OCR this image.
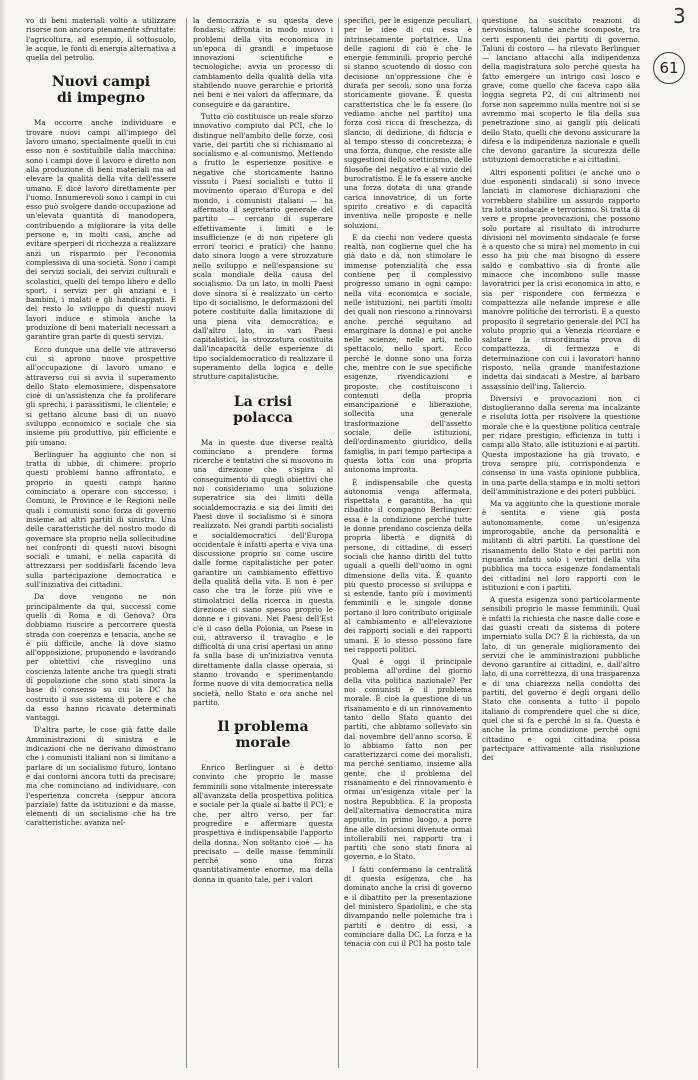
3
61

vo di beni materiali volto a utilizzare risorse non ancora pienamente sfruttate: l'agricoltura, ad esempio, il sottosuolo, le acque, le fonti di energia alternativa a quella del petrolio.

Nuovi campi
di impegno

Ma occorre anche individuare e trovare nuovi campi all'impiego del lavoro umano, specialmente quelli in cui esso non è sostituibile dalla macchina: sono i campi dove il lavoro è diretto non alla produzione di beni materiali ma ad elevare la qualità della vita dell'essere umano. E dicé lavoro direttamente per l'uomo. Innumerevoli sono i campi in cui esso può svolgere dando occupazione ad un'elevata quantità di manodopera, contribuendo a migliorare la vita delle persone e, in molti casi, anche ad evitare sperperi di ricchezza a realizzare anzi un risparmio per l'economia complessiva di una società. Sono i campi dei servizi sociali, dei servizi culturali e scolastici, quelli del tempo libero e dello sport, i servizi per gli anziani e i bambini, i malati e gli handicappati. E del resto lo sviluppo di questi nuovi lavori induce e stimola anche la produzione di beni materiali necessari a garantire gran parte di questi servizi.

Ecco dunque una delle vie attraverso cui si aprono nuove prospettive all'occupazione di lavoro umano e attraverso cui si avvia il superamento dello Stato elemosiniere, dispensatore cioè di un'assistenza che fa proliferare gli sprechi, i parassitismi, le clientele; e si gettano alcune basi di un nuovo sviluppo economico e sociale che sia insieme più produttivo, più efficiente e più umano.

Berlinguer ha aggiunto che non si tratta di ubbie, di chimere: proprio questi problemi hanno affrontato, e proprio in questi campi hanno cominciato a operare con successo, i Comuni, le Province e le Regioni nelle quali i comunisti sono forza di governo insieme ad altri partiti di sinistra. Una delle caratteristiche del nostro modo di governare sta proprio nella sollecitudine nei confronti di questi nuovi bisogni sociali e umani, e nella capacità di attrezzarsi per soddisfarli facendo leva sulla partecipazione democratica e sull'iniziativa dei cittadini.

Da dove vengono ne non principalmente da qui, successi come quelli di Roma e di Genova? Ora dobbiamo riuscire a percorrere questa strada con coerenza e tenacia, anche se è più difficile, anche là dove siamo all'opposizione, proponendo e lavorando per obiettivi che risveglino una coscienza latente anche tra quegli strati di popolazione che sono stati sinora la base di consenso su cui la DC ha costruito il suo sistema di potere e che da esso hanno ricavato determinati vantaggi.

D'altra parte, le cose già fatte dalle Amministrazioni di sinistra e le indicazioni che ne derivano dimostrano che i comunisti italiani non si limitano a parlare di un socialismo futuro, lontano e dai contorni ancora tutti da precisare; ma che cominciano ad individuare, con l'esperienza concreta (seppur ancora parziale) fatte da istituzioni e da masse, elementi di un socialismo che ha tre caratteristiche: avanza nel-

la democrazia e su questa deve fondarsi; affronta in modo nuovo i problemi della vita economica in un'epoca di grandi e impetuose innovazioni scientifiche e tecnologiche; avvia un processo di cambiamento della qualità della vita stabilendo nuove gerarchie e priorità nei beni e nei valori da affermare, da conseguire e da garantire.

Tutto ciò costituisce un reale sforzo innovativo compiuto dal PCI, che lo distingue nell'ambito delle forze, così varie, dei partiti che si richiamano al socialismo e al comunismo. Mettendo a frutto le esperienze positive e negative che storicamente hanno vissuto i Paesi socialisti e tutto il movimento operaio d'Europa e del mondo, i comunisti italiani — ha affermato il segretario generale del partito — cercano di superare effettivamente i limiti e le insufficienze (e di non ripetere gli errori teorici e pratici) che hanno dato sinora luogo a vere strozzature nello sviluppo e nell'espansione su scala mondiale della causa del socialismo. Da un lato, in molti Paesi dove sinora si è realizzato un certo tipo di socialismo, le deformazioni del potere costituite dalla limitazione di una piena vita democratica; e dall'altro lato, in vari Paesi capitalistici, la strozzatura costituita dall'incapacità delle esperienze di tipo socialdemocratico di realizzare il superamento della logica e delle strutture capitalistiche.

La crisi
polacca

Ma in queste due diverse realtà cominciano a prendere forma ricerche e tentativi che si muovono in una direzione che s'ispira al conseguimento di quegli obiettivi che noi consideriamo una soluzione superatrice sia dei limiti della socialdemocrazia e sia dei limiti dei Paesi dove il socialismo si è sinora realizzato. Nei grandi partiti socialisti e socialdemocratici dell'Europa occidentale è infatti aperta e viva una discussione proprio su come uscire dalle forme capitalistiche per poter garantire un cambiamento effettivo della qualità della vita. E non è per caso che tra le forze più vive e stimolatrici della ricerca in questa direzione ci siano spesso proprio le donne e i giovani. Nei Paesi dell'Est c'è il caso della Polonia, un Paese in cui, attraverso il travaglio e le difficoltà di una crisi apertasi un anno fa sulla base di un'iniziativa venuta direttamente dalla classe operaia, si stanno trovando e sperimentando forme nuove di vita democratica nella società, nello Stato e ora anche nel partito.

Il problema
morale

Enrico Berlinguer si è detto convinto che proprio le masse femminili sono vitalmente interessate all'avanzata della prospettiva politica e sociale per la quale si batte il PCI; e che, per altro verso, per far progredire e affermare questa prospettiva è indispensabile l'apporto della donna. Non soltanto cioè — ha precisato — delle masse femminili perché sono una forza quantitativamente enorme, ma della donna in quanto tale, per i valori

specifici, per le esigenze peculiari, per le idee di cui essa è intrinsecamente portatrice. Una delle ragioni di ciò è che le energie femminili, proprio perché si stanno scuotendo di dosso con decisione un'oppressione che è durata per secoli, sono una forza storicamente giovane. È questa caratteristica che le fa essere (lo vediamo anche nel partito) una forza così ricca di freschezza, di slancio, di dedizione, di fiducia e al tempo stesso di concretezza; è una forza, dunque, che resiste alle suggestioni dello scetticismo, delle filosofie del negativo e al vizio del burocratismo. E le fa essere anche una forza dotata di una grande carica innovatrice, di un forte spirito creativo e di capacità inventiva nelle proposte e nelle soluzioni.

E da ciechi non vedere questa realtà, non coglierne quel che ha già dato e dà, non stimolare le immense potenzialità che essa contiene per il complessivo progresso umano in ogni campo: nella vita economica e sociale, nelle istituzioni, nei partiti (molti dei quali non riescono a rinnovarsi anche perché seguitano ad emarginare la donna) e poi anche nelle scienze, nelle arti, nello spettacolo, nello sport. Ecco perché le donne sono una forza che, mentre con le sue specifiche esigenze, rivendicazioni e proposte, che costituiscono i contenuti della propria emancipazione e liberazione, sollecita una generale trasformazione dell'assetto sociale, delle istituzioni, dell'ordinamento giuridico, della famiglia, in pari tempo partecipa a questa lotta con una propria autonoma impronta.

È indispensabile che questa autonomia venga affermata, rispettata e garantita, ha qui ribadito il compagno Berlinguer: essa è la condizione perché tutte le donne prendano coscienza della propria libertà e dignità di persone, di cittadine, di esseri sociali che hanno diritti del tutto uguali a quelli dell'uomo in ogni dimensione della vita. È quanto più questo processo si sviluppa e si estende, tanto più i movimenti femminili e le singole donne portano il loro contributo originale al cambiamento e all'elevazione dei rapporti sociali e dei rapporti umani. E lo stesso possono fare nei rapporti politici.

Qual è oggi il principale problema all'ordine del giorno della vita politica nazionale? Per noi comunisti è il problema morale. È cioè la questione di un risanamento e di un rinnovamento tanto dello Stato quanto dei partiti, che abbiamo sollevato sin dal novembre dell'anno scorso. E lo abbiamo fatto non per caratterizzarci come dei moralisti, ma perché sentiamo, insieme alla gente, che il problema del risanamento e del rinnovamento è ormai un'esigenza vitale per la nostra Repubblica. E la proposta dell'alternativa democratica mira appunto, in primo luogo, a porre fine alle distorsioni divenute ormai intollerabili nei rapporti tra i partiti che sono stati finora al governo, e lo Stato.

I fatti confermano la centralità di questa esigenza, che ha dominato anche la crisi di governo e il dibattito per la presentazione del ministero Spadolini, e che sta divampando nelle polemiche tra i partiti e dentro di essi, a cominciare dalla DC. La forza e la tenacia con cui il PCI ha posto tale

questione ha suscitato reazioni di nervosismo, talune anche scomposte, tra certi esponenti dei partiti di governo. Taluni di costoro — ha rilevato Berlinguer — lanciano attacchi alla indipendenza della magistratura solo perché questa ha fatto emergere un intrigo così losco e grave, come quello che faceva capo alla loggia segreta P2, di cui altrimenti noi forse non sapremmo nulla mentre noi si se avremmo mai scoperto le fila della sua penetrazione sino ai gangli più delicati dello Stato, quelli che devono assicurare la difesa e la indipendenza nazionale e quelli che devono garantire la sicurezza delle istituzioni democratiche e ai cittadini.

Altri esponenti politici (e anche uno o due esponenti sindacali) si sono invece lanciati in clamorose dichiarazioni che vorrebbero stabilire un assurdo rapporto tra lotta sindacale e terrorismo. Si tratta di vere e proprie provocazioni, che possono solo portare al risultato di introdurre divisioni nel movimento sindacale (e forse è a questo che si mira) nel momento in cui esso ha più che mai bisogno di essere saldo e combattivo sia di fronte alle minacce che incombono sulle masse lavoratrici per la crisi economica in atto, e sia per rispondere con fermezza e compattezza alle nefande imprese e alle manovre politiche dei terroristi. E a questo proposito il segretario generale del PCI ha voluto proprio qui a Venezia ricordare e salutare la straordinaria prova di compattezza, di fermezza e di determinazione con cui i lavoratori hanno risposto, nella grande manifestazione indetta dai sindacati a Mestre, al barbaro assassinio dell'ing. Taliercio.

Diversivi e provocazioni non ci distoglieranno dalla serena ma incalzante e risoluta lotta per risolvere la questione morale che è la questione politica centrale per ridare prestigio, efficienza in tutti i campi allo Stato, alle istituzioni e ai partiti. Questa impostazione ha già trovato, e trova sempre più, corrispondenza e consenso in una vasta opinione pubblica, in una parte della stampa e in molti settori dell'amministrazione e dei poteri pubblici.

Ma va aggiunto che la questione morale è sentita e viene già posta autonomamente, come un'esigenza improrogabile, anche da personalità e militanti di altri partiti. La questione del risanamento dello Stato e dei partiti non riguarda infatti solo i vertici della vita pubblica ma tocca esigenze fondamentali dei cittadini nel loro rapporti con le istituzioni e con i partiti.

A questa esigenza sono particolarmente sensibili proprio le masse femminili. Qual è infatti la richiesta che nasce dalle cose e dai guasti creati da sistema di potere imperniato sulla DC? È la richiesta, da un lato, di un generale miglioramento dei servizi che le amministrazioni pubbliche devono garantire ai cittadini, e, dall'altro lato, di una correttezza, di una trasparenza e di una chiarezza nella condotta dei partiti, del governo e degli organi dello Stato che consenta a tutto il popolo italiano di comprendere quel che si dice, quel che si fa e perché lo si fa. Questa è anche la prima condizione perché ogni cittadino e ogni cittadina possa partecipare attivamente alla risoluzione dei
